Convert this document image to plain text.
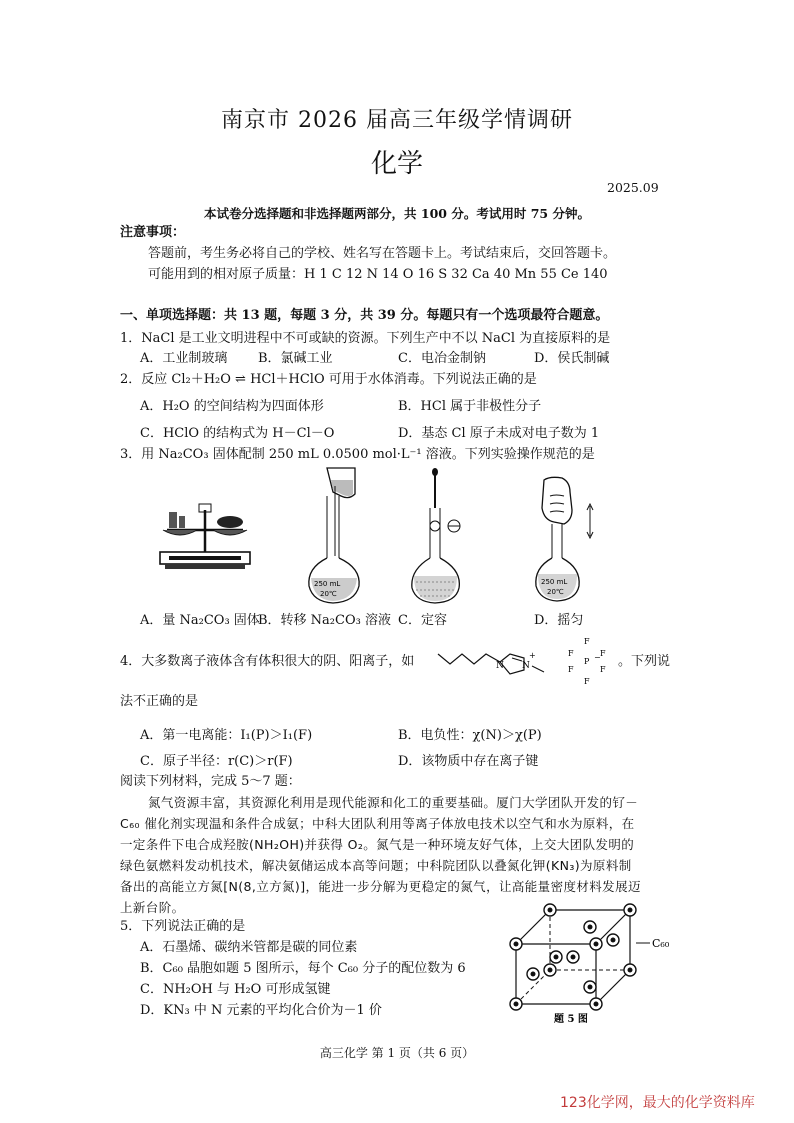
南京市 2026 届高三年级学情调研
化学
2025.09
本试卷分选择题和非选择题两部分，共 100 分。考试用时 75 分钟。
注意事项：
答题前，考生务必将自己的学校、姓名写在答题卡上。考试结束后，交回答题卡。
可能用到的相对原子质量：H 1 C 12 N 14 O 16 S 32 Ca 40 Mn 55 Ce 140
一、单项选择题：共 13 题，每题 3 分，共 39 分。每题只有一个选项最符合题意。
1．NaCl 是工业文明进程中不可或缺的资源。下列生产中不以 NaCl 为直接原料的是
A．工业制玻璃 B．氯碱工业	C．电冶金制钠	D．侯氏制碱
2．反应 Cl₂＋H₂O ⇌ HCl＋HClO 可用于水体消毒。下列说法正确的是
A．H₂O 的空间结构为四面体形	B．HCl 属于非极性分子
C．HClO 的结构式为 H－Cl－O	D．基态 Cl 原子未成对电子数为 1
3．用 Na₂CO₃ 固体配制 250 mL 0.0500 mol·L⁻¹ 溶液。下列实验操作规范的是
250 mL
20℃
250 mL
20℃
A．量 Na₂CO₃ 固体
B．转移 Na₂CO₃ 溶液 C．定容	D．摇匀
4．大多数离子液体含有体积很大的阴、阳离子，如	N N
+
F
F	F
P −
F	F
F
。下列说
法不正确的是
A．第一电离能：I₁(P)＞I₁(F)	B．电负性：χ(N)＞χ(P)
C．原子半径：r(C)＞r(F)	D．该物质中存在离子键
阅读下列材料，完成 5～7 题：
氮气资源丰富，其资源化利用是现代能源和化工的重要基础。厦门大学团队开发的钌－
C₆₀ 催化剂实现温和条件合成氨；中科大团队利用等离子体放电技术以空气和水为原料，在
一定条件下电合成羟胺(NH₂OH)并获得 O₂。氮气是一种环境友好气体，上交大团队发明的
绿色氨燃料发动机技术，解决氨储运成本高等问题；中科院团队以叠氮化钾(KN₃)为原料制
备出的高能立方氮[N(8,立方氮)]，能进一步分解为更稳定的氮气，让高能量密度材料发展迈
上新台阶。
5．下列说法正确的是
A．石墨烯、碳纳米管都是碳的同位素
B．C₆₀ 晶胞如题 5 图所示，每个 C₆₀ 分子的配位数为 6
C．NH₂OH 与 H₂O 可形成氢键
D．KN₃ 中 N 元素的平均化合价为－1 价
C₆₀
题 5 图
高三化学 第 1 页（共 6 页）
123化学网，最大的化学资料库
